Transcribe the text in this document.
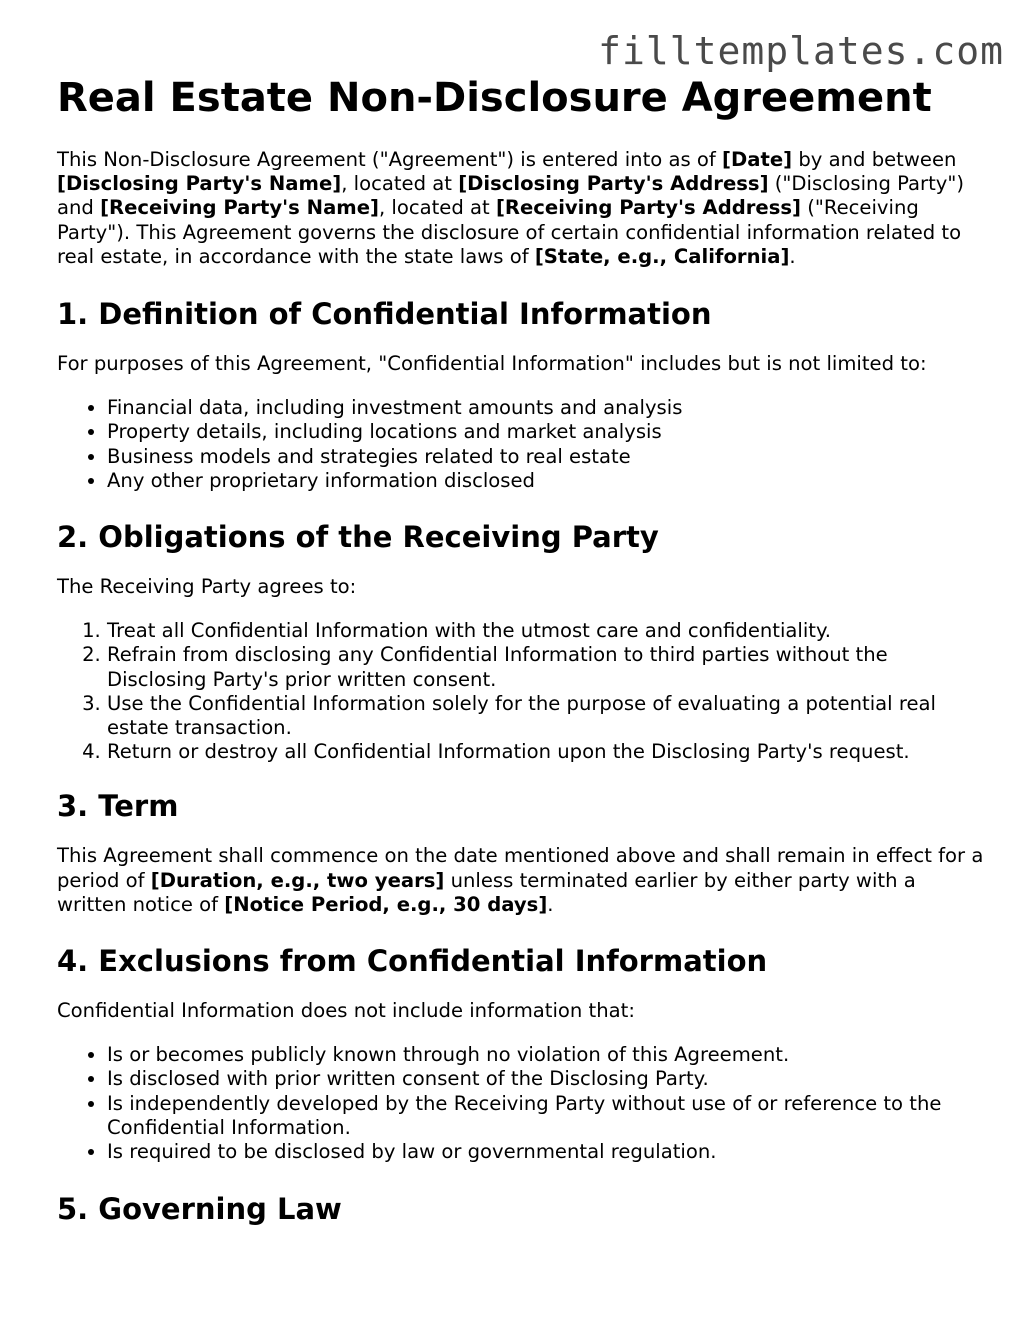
filltemplates.com
Real Estate Non-Disclosure Agreement

This Non-Disclosure Agreement ("Agreement") is entered into as of [Date] by and between [Disclosing Party's Name], located at [Disclosing Party's Address] ("Disclosing Party") and [Receiving Party's Name], located at [Receiving Party's Address] ("Receiving Party"). This Agreement governs the disclosure of certain confidential information related to real estate, in accordance with the state laws of [State, e.g., California].

1. Definition of Confidential Information

For purposes of this Agreement, "Confidential Information" includes but is not limited to:

• Financial data, including investment amounts and analysis
• Property details, including locations and market analysis
• Business models and strategies related to real estate
• Any other proprietary information disclosed
2. Obligations of the Receiving Party

The Receiving Party agrees to:

1. Treat all Confidential Information with the utmost care and confidentiality.
2. Refrain from disclosing any Confidential Information to third parties without the Disclosing Party's prior written consent.
3. Use the Confidential Information solely for the purpose of evaluating a potential real estate transaction.
4. Return or destroy all Confidential Information upon the Disclosing Party's request.
3. Term

This Agreement shall commence on the date mentioned above and shall remain in effect for a period of [Duration, e.g., two years] unless terminated earlier by either party with a written notice of [Notice Period, e.g., 30 days].

4. Exclusions from Confidential Information

Confidential Information does not include information that:

• Is or becomes publicly known through no violation of this Agreement.
• Is disclosed with prior written consent of the Disclosing Party.
• Is independently developed by the Receiving Party without use of or reference to the Confidential Information.
• Is required to be disclosed by law or governmental regulation.
5. Governing Law
